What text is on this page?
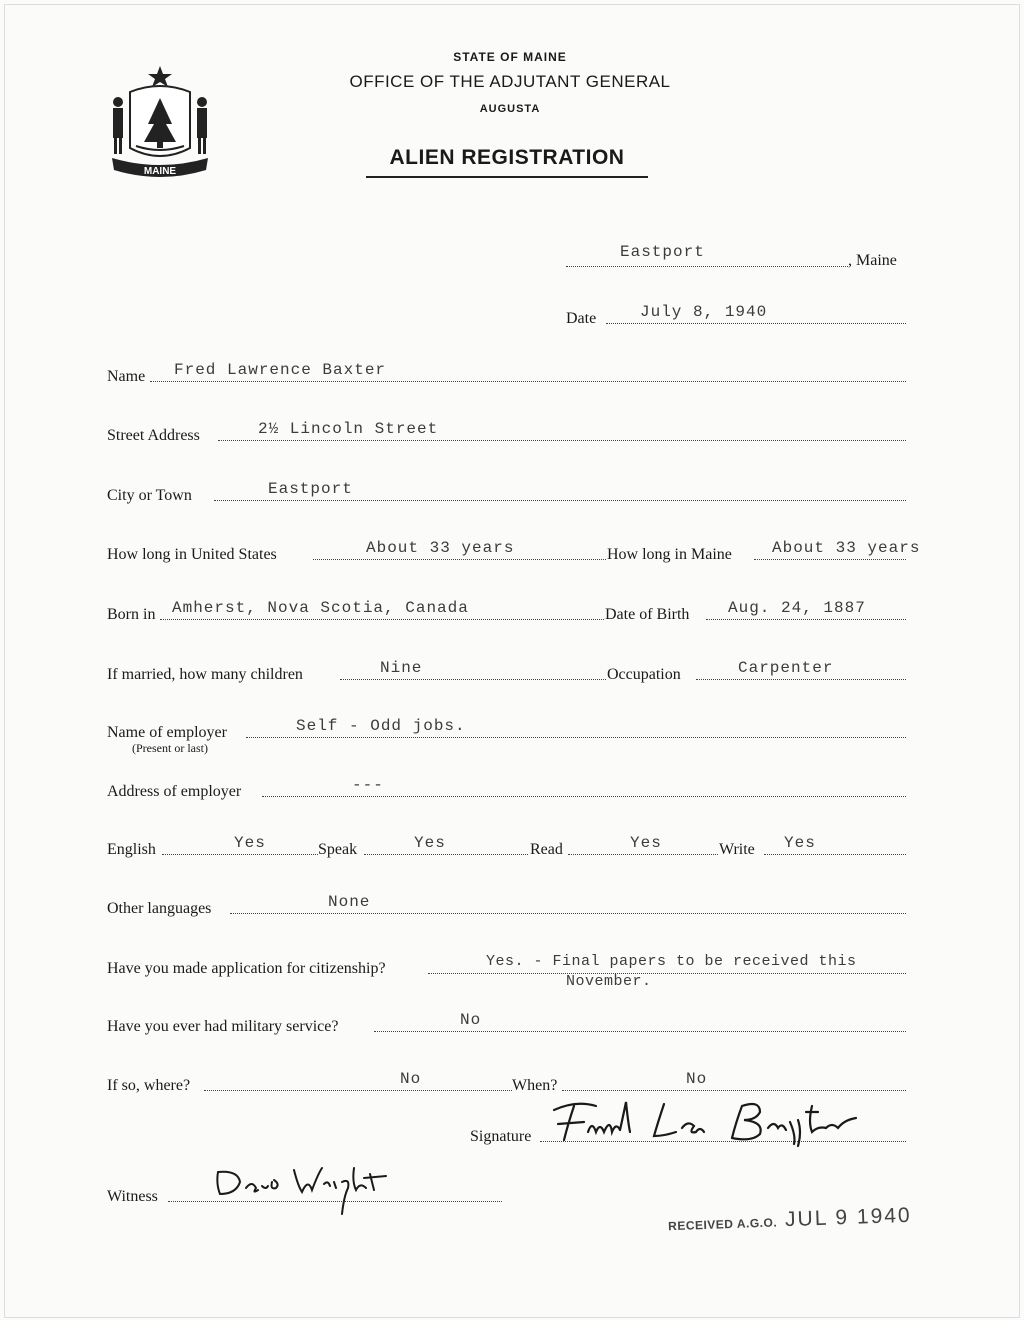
MAINE
STATE OF MAINE
OFFICE OF THE ADJUTANT GENERAL
AUGUSTA
ALIEN REGISTRATION
Eastport	, Maine
Date	July 8, 1940
Name Fred Lawrence Baxter
Street Address	2½ Lincoln Street
City or Town	Eastport
How long in United States	About 33 years	How long in Maine	About 33 years
Born in Amherst, Nova Scotia, Canada	Date of Birth Aug. 24, 1887
If married, how many children	Nine	Occupation	Carpenter
Name of employer
(Present or last)
Self - Odd jobs.
Address of employer	---
English	Yes	Speak	Yes	Read	Yes	Write Yes
Other languages	None
Have you made application for citizenship?	Yes. - Final papers to be received this
November.
Have you ever had military service?	No
If so, where?	No	When?	No
Signature
Witness
RECEIVED A.G.O. JUL 9 1940
